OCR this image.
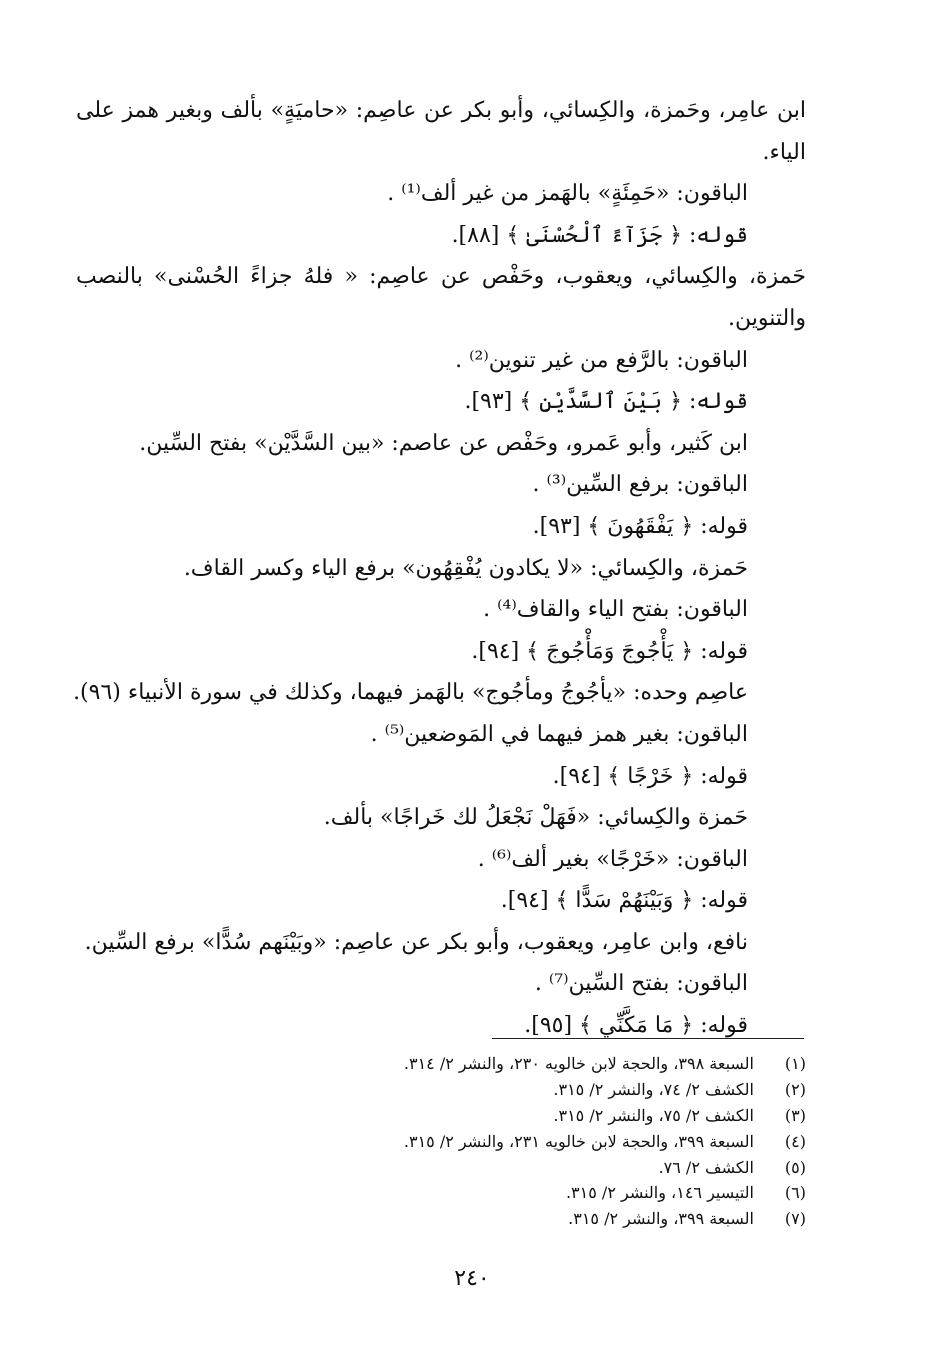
ابن عامِر، وحَمزة، والكِسائي، وأبو بكر عن عاصِم: «حاميَةٍ» بألف وبغير همز على
الياء.
الباقون: «حَمِئَةٍ» بالهَمز من غير ألف⁽¹⁾ .
قوله: ﴿ جَزَآءً ٱلْحُسْنَىٰ ﴾ [٨٨].
حَمزة، والكِسائي، ويعقوب، وحَفْص عن عاصِم: « فلهُ جزاءً الحُسْنى» بالنصب
والتنوين.
الباقون: بالرَّفع من غير تنوين⁽²⁾ .
قوله: ﴿ بَيْنَ ٱلسَّدَّيْنِ ﴾ [٩٣].
ابن كَثير، وأبو عَمرو، وحَفْص عن عاصم: «بين السَّدَّيْن» بفتح السِّين.
الباقون: برفع السِّين⁽³⁾ .
قوله: ﴿ يَفْقَهُونَ ﴾ [٩٣].
حَمزة، والكِسائي: «لا يكادون يُفْقِهُون» برفع الياء وكسر القاف.
الباقون: بفتح الياء والقاف⁽⁴⁾ .
قوله: ﴿ يَأْجُوجَ وَمَأْجُوجَ ﴾ [٩٤].
عاصِم وحده: «يأجُوجُ ومأجُوج» بالهَمز فيهما، وكذلك في سورة الأنبياء (٩٦).
الباقون: بغير همز فيهما في المَوضعين⁽⁵⁾ .
قوله: ﴿ خَرْجًا ﴾ [٩٤].
حَمزة والكِسائي: «فَهَلْ نَجْعَلُ لك خَراجًا» بألف.
الباقون: «خَرْجًا» بغير ألف⁽⁶⁾ .
قوله: ﴿ وَبَيْنَهُمْ سَدًّا ﴾ [٩٤].
نافع، وابن عامِر، ويعقوب، وأبو بكر عن عاصِم: «وبَيْنَهم سُدًّا» برفع السِّين.
الباقون: بفتح السِّين⁽⁷⁾ .
قوله: ﴿ مَا مَكَّنِّي ﴾ [٩٥].
(١)السبعة ٣٩٨، والحجة لابن خالويه ٢٣٠، والنشر ٢/ ٣١٤.
(٢)الكشف ٢/ ٧٤، والنشر ٢/ ٣١٥.
(٣)الكشف ٢/ ٧٥، والنشر ٢/ ٣١٥.
(٤)السبعة ٣٩٩، والحجة لابن خالويه ٢٣١، والنشر ٢/ ٣١٥.
(٥)الكشف ٢/ ٧٦.
(٦)التيسير ١٤٦، والنشر ٢/ ٣١٥.
(٧)السبعة ٣٩٩، والنشر ٢/ ٣١٥.
٢٤٠
